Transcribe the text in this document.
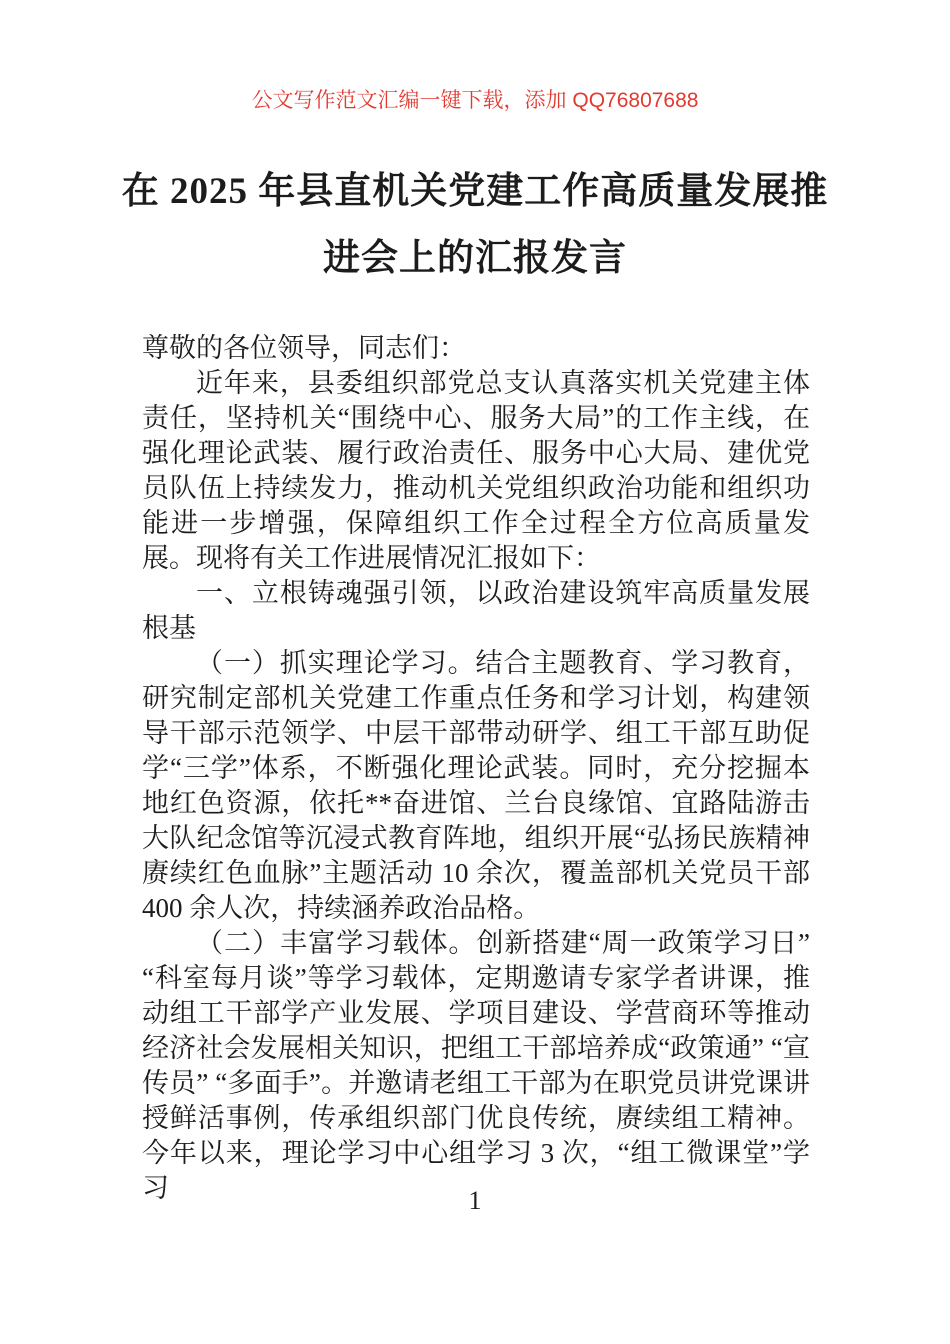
公文写作范文汇编一键下载，添加 QQ76807688
在 2025 年县直机关党建工作高质量发展推
进会上的汇报发言

尊敬的各位领导，同志们：

近年来，县委组织部党总支认真落实机关党建主体责任，坚持机关“围绕中心、服务大局”的工作主线，在强化理论武装、履行政治责任、服务中心大局、建优党员队伍上持续发力，推动机关党组织政治功能和组织功能进一步增强，保障组织工作全过程全方位高质量发展。现将有关工作进展情况汇报如下：

一、立根铸魂强引领，以政治建设筑牢高质量发展根基

（一）抓实理论学习。结合主题教育、学习教育，研究制定部机关党建工作重点任务和学习计划，构建领导干部示范领学、中层干部带动研学、组工干部互助促学“三学”体系，不断强化理论武装。同时，充分挖掘本地红色资源，依托**奋进馆、兰台良缘馆、宜路陆游击大队纪念馆等沉浸式教育阵地，组织开展“弘扬民族精神赓续红色血脉”主题活动 10 余次，覆盖部机关党员干部 400 余人次，持续涵养政治品格。

（二）丰富学习载体。创新搭建“周一政策学习日” “科室每月谈”等学习载体，定期邀请专家学者讲课，推动组工干部学产业发展、学项目建设、学营商环等推动经济社会发展相关知识，把组工干部培养成“政策通” “宣传员” “多面手”。并邀请老组工干部为在职党员讲党课讲授鲜活事例，传承组织部门优良传统，赓续组工精神。今年以来，理论学习中心组学习 3 次，“组工微课堂”学习	1
